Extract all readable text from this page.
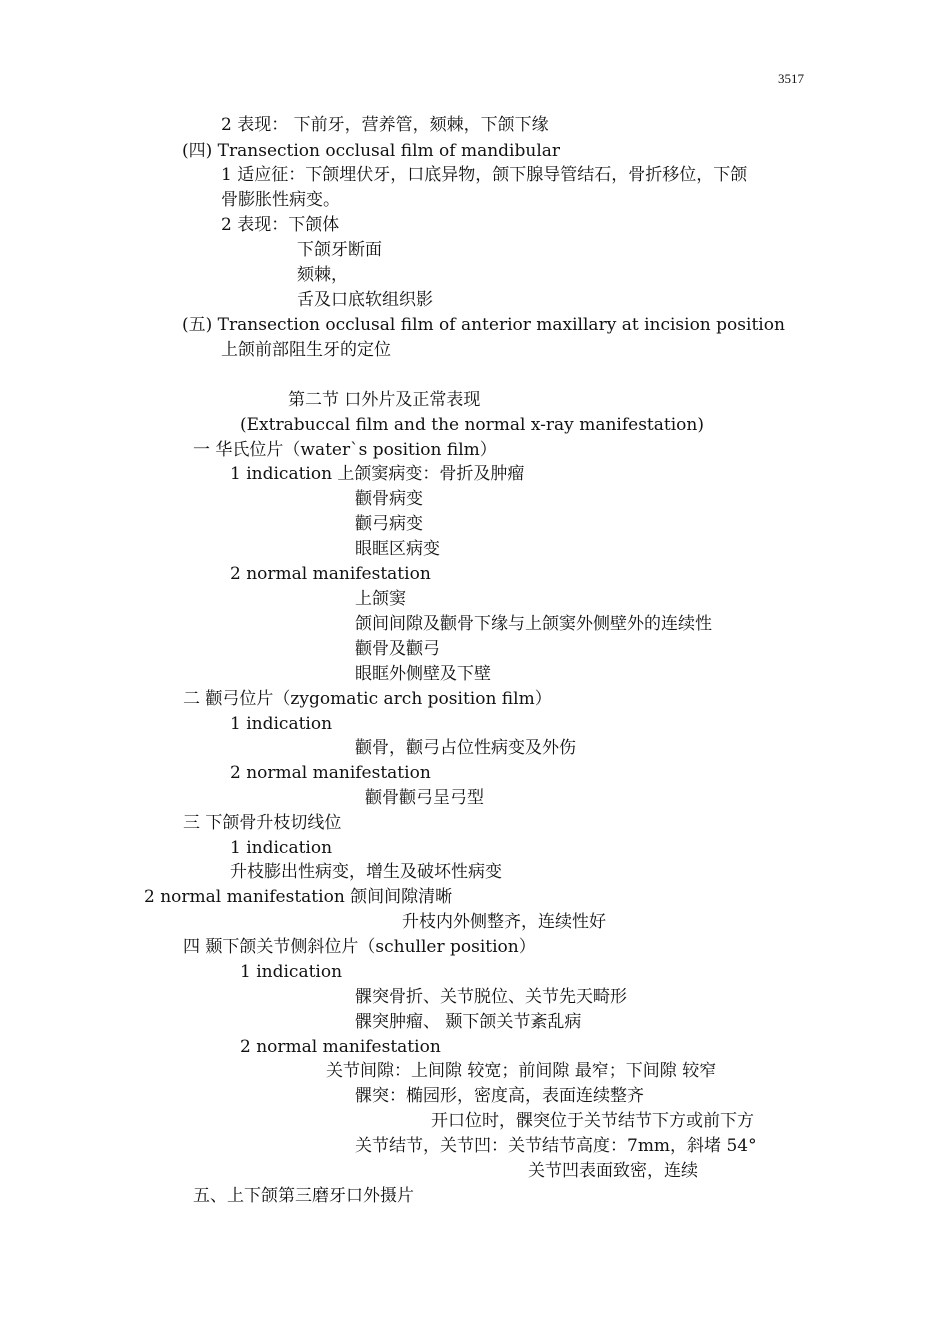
3517
2 表现： 下前牙，营养管，颏棘，下颌下缘
(四) Transection occlusal film of mandibular
1 适应征：下颌埋伏牙，口底异物，颌下腺导管结石，骨折移位，下颌
骨膨胀性病变。
2 表现：下颌体
下颌牙断面
颏棘，
舌及口底软组织影
(五) Transection occlusal film of anterior maxillary at incision position
上颌前部阻生牙的定位
第二节 口外片及正常表现
(Extrabuccal film and the normal x-ray manifestation)
一 华氏位片（water`s position film）
1 indication 上颌窦病变：骨折及肿瘤
颧骨病变
颧弓病变
眼眶区病变
2 normal manifestation
上颌窦
颌间间隙及颧骨下缘与上颌窦外侧壁外的连续性
颧骨及颧弓
眼眶外侧壁及下壁
二 颧弓位片（zygomatic arch position film）
1 indication
颧骨，颧弓占位性病变及外伤
2 normal manifestation
颧骨颧弓呈弓型
三 下颌骨升枝切线位
1 indication
升枝膨出性病变，增生及破坏性病变
2 normal manifestation 颌间间隙清晰
升枝内外侧整齐，连续性好
四 颞下颌关节侧斜位片（schuller position）
1 indication
髁突骨折、关节脱位、关节先天畸形
髁突肿瘤、 颞下颌关节紊乱病
2 normal manifestation
关节间隙：上间隙 较宽；前间隙 最窄；下间隙 较窄
髁突：椭园形，密度高，表面连续整齐
开口位时，髁突位于关节结节下方或前下方
关节结节，关节凹：关节结节高度：7mm，斜堵 54°
关节凹表面致密，连续
五、上下颌第三磨牙口外摄片
